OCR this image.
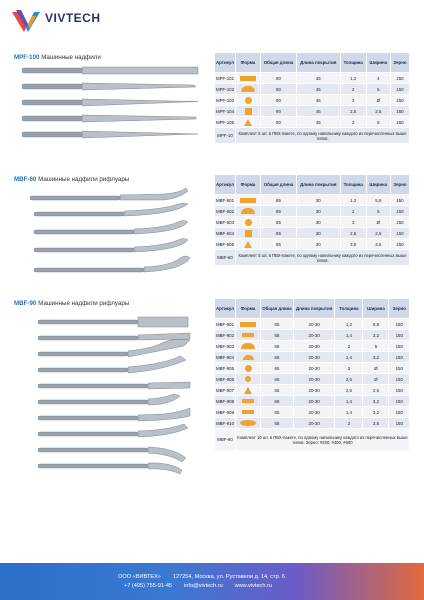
VIVTECH
MPF-100 Машинные надфили
Артикул	Форма	Общая длина	Длина покрытия	Толщина	Ширина	Зерно
MPF-101		90	45	1,2	4	150
MPF-102		90	45	2	5	150
MPF-103		90	45	3	Ø	150
MPF-104		90	45	2,5	2,5	150
MPF-105		90	45	2	5	150
MPF-10	Комплект 5 шт. в ПВХ-пакете, по одному напильнику каждого из перечисленных выше типов.					
MBF-60 Машинные надфили рифлуары
Артикул	Форма	Общая длина	Длина покрытия	Толщина	Ширина	Зерно
MBF-601		85	30	1,2	5,5	150
MBF-602		85	30	2	5	150
MBF-603		85	30	3	Ø	150
MBF-604		85	30	2,5	2,5	150
MBF-605		85	30	3,5	3,5	150
MBF-60	Комплект 5 шт. в ПВХ-пакете, по одному напильнику каждого из перечисленных выше типов.					
MBF-90 Машинные надфили рифлуары
Артикул	Форма	Общая длина	Длина покрытия	Толщина	Ширина	Зерно
MBF-901		65	20-30	1,2	5,8	150
MBF-902		65	20-30	1,4	3,2	150
MBF-903		65	20-30	2	5	150
MBF-904		65	20-30	1,4	3,2	150
MBF-905		65	20-30	3	Ø	150
MBF-906		65	20-30	2,5	Ø	150
MBF-907		65	20-30	2,5	2,5	150
MBF-908		65	20-30	1,4	3,2	150
MBF-909		65	20-30	1,4	3,2	150
MBF-910		65	20-30	2	3,5	150
MBF-90	Комплект 10 шт. в ПВХ-пакете, по одному напильнику каждого из перечисленных выше типов. Зерно: #200, #400, #600					
ООО «ВИВТЕХ» 127254, Москва, ул. Руставели д. 14, стр. 6
+7 (495) 755-91-45 info@vivtech.ru www.vivtech.ru
